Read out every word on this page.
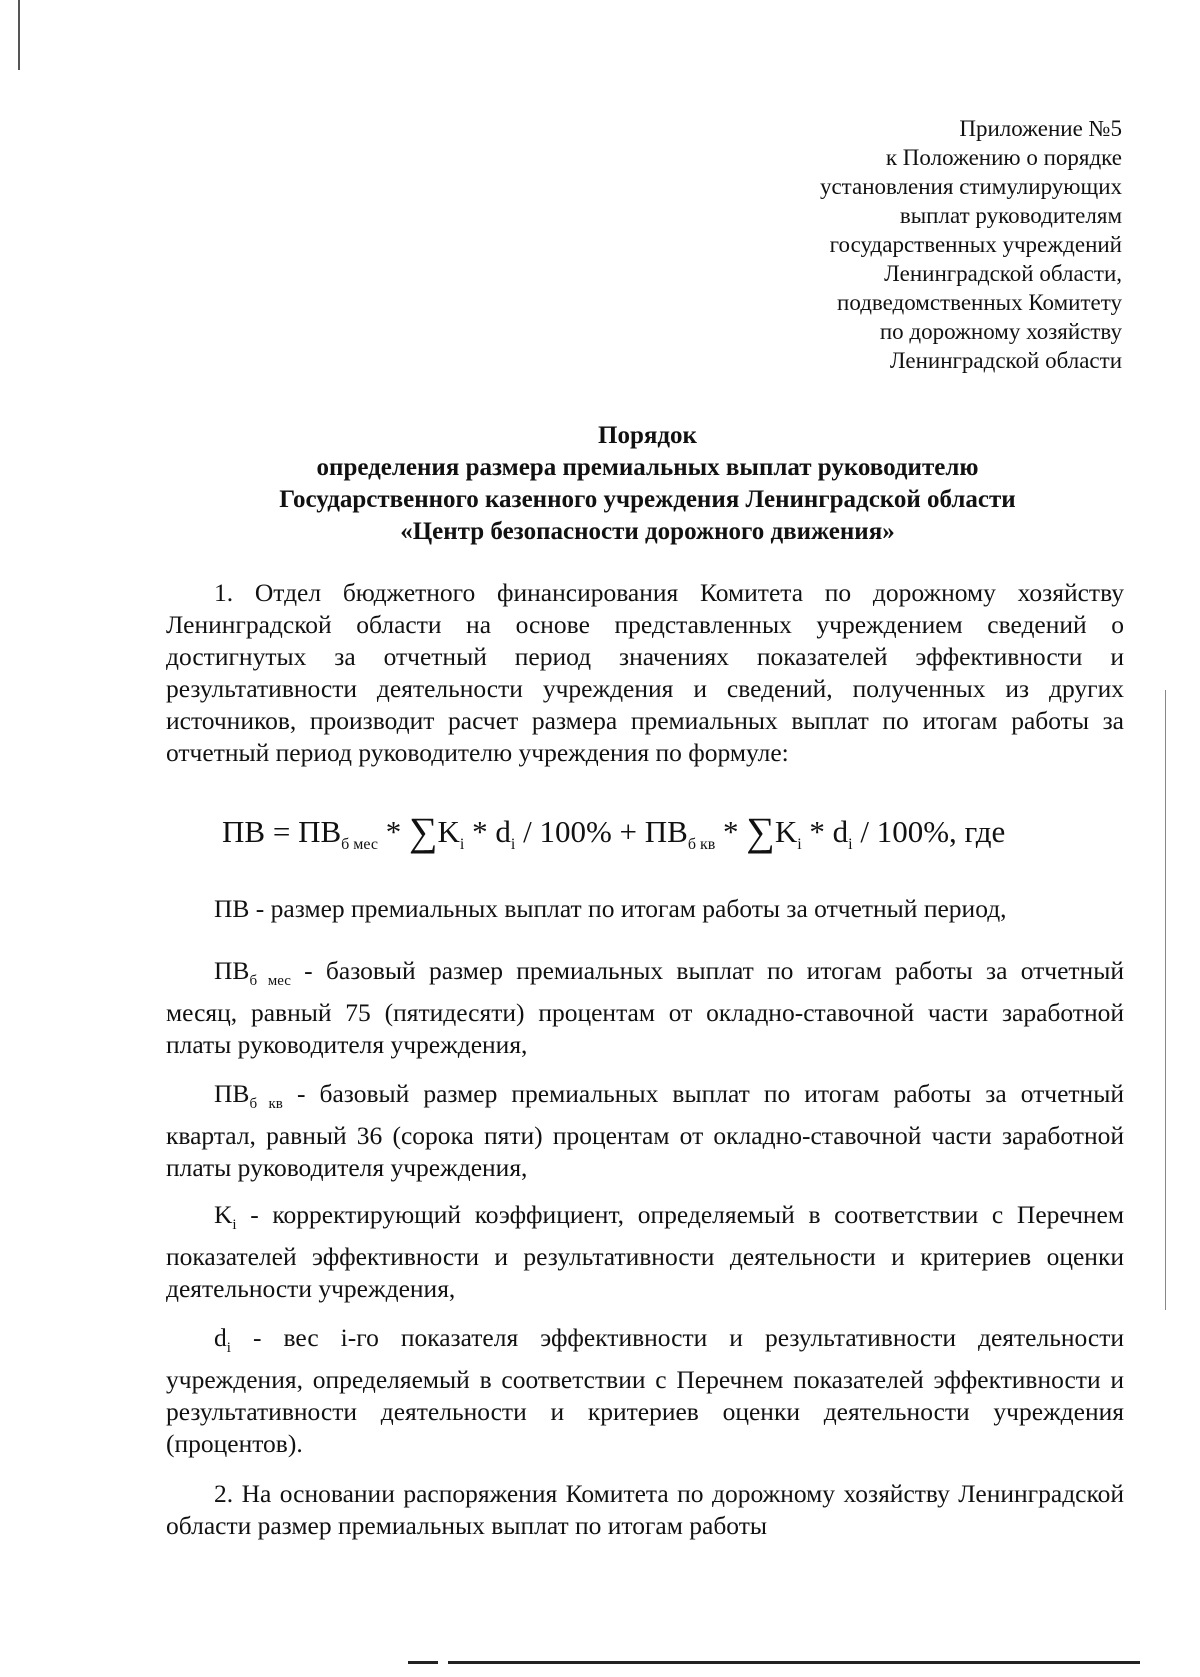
Приложение №5
к Положению о порядке
установления стимулирующих
выплат руководителям
государственных учреждений
Ленинградской области,
подведомственных Комитету
по дорожному хозяйству
Ленинградской области
Порядок
определения размера премиальных выплат руководителю
Государственного казенного учреждения Ленинградской области
«Центр безопасности дорожного движения»

1. Отдел бюджетного финансирования Комитета по дорожному хозяйству Ленинградской области на основе представленных учреждением сведений о достигнутых за отчетный период значениях показателей эффективности и результативности деятельности учреждения и сведений, полученных из других источников, производит расчет размера премиальных выплат по итогам работы за отчетный период руководителю учреждения по формуле:

ПВ = $ПВ_{б мес} * \sum K_i * d_i / 100\% + ПВ_{б кв} * \sum K_i * d_i / 100\%$, где

ПВ - размер премиальных выплат по итогам работы за отчетный период,

$ПВ_{б мес}$ - базовый размер премиальных выплат по итогам работы за отчетный месяц, равный 75 (пятидесяти) процентам от окладно-ставочной части заработной платы руководителя учреждения,

$ПВ_{б кв}$ - базовый размер премиальных выплат по итогам работы за отчетный квартал, равный 36 (сорока пяти) процентам от окладно-ставочной части заработной платы руководителя учреждения,

$K_i$ - корректирующий коэффициент, определяемый в соответствии с Перечнем показателей эффективности и результативности деятельности и критериев оценки деятельности учреждения,

$d_i$ - вес i-го показателя эффективности и результативности деятельности учреждения, определяемый в соответствии с Перечнем показателей эффективности и результативности деятельности и критериев оценки деятельности учреждения (процентов).

2. На основании распоряжения Комитета по дорожному хозяйству Ленинградской области размер премиальных выплат по итогам работы
